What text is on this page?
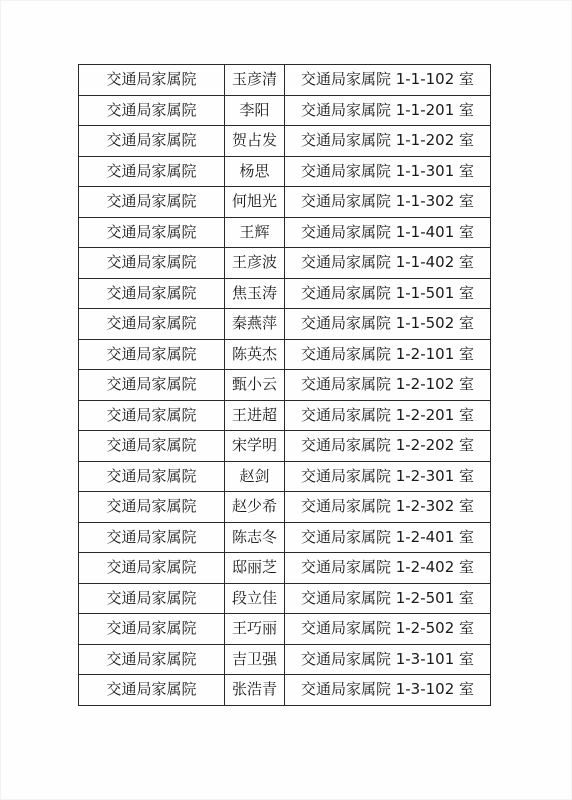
交通局家属院	玉彦清	交通局家属院 1-1-102 室
交通局家属院	李阳	交通局家属院 1-1-201 室
交通局家属院	贺占发	交通局家属院 1-1-202 室
交通局家属院	杨思	交通局家属院 1-1-301 室
交通局家属院	何旭光	交通局家属院 1-1-302 室
交通局家属院	王辉	交通局家属院 1-1-401 室
交通局家属院	王彦波	交通局家属院 1-1-402 室
交通局家属院	焦玉涛	交通局家属院 1-1-501 室
交通局家属院	秦燕萍	交通局家属院 1-1-502 室
交通局家属院	陈英杰	交通局家属院 1-2-101 室
交通局家属院	甄小云	交通局家属院 1-2-102 室
交通局家属院	王进超	交通局家属院 1-2-201 室
交通局家属院	宋学明	交通局家属院 1-2-202 室
交通局家属院	赵剑	交通局家属院 1-2-301 室
交通局家属院	赵少希	交通局家属院 1-2-302 室
交通局家属院	陈志冬	交通局家属院 1-2-401 室
交通局家属院	邸丽芝	交通局家属院 1-2-402 室
交通局家属院	段立佳	交通局家属院 1-2-501 室
交通局家属院	王巧丽	交通局家属院 1-2-502 室
交通局家属院	吉卫强	交通局家属院 1-3-101 室
交通局家属院	张浩青	交通局家属院 1-3-102 室
